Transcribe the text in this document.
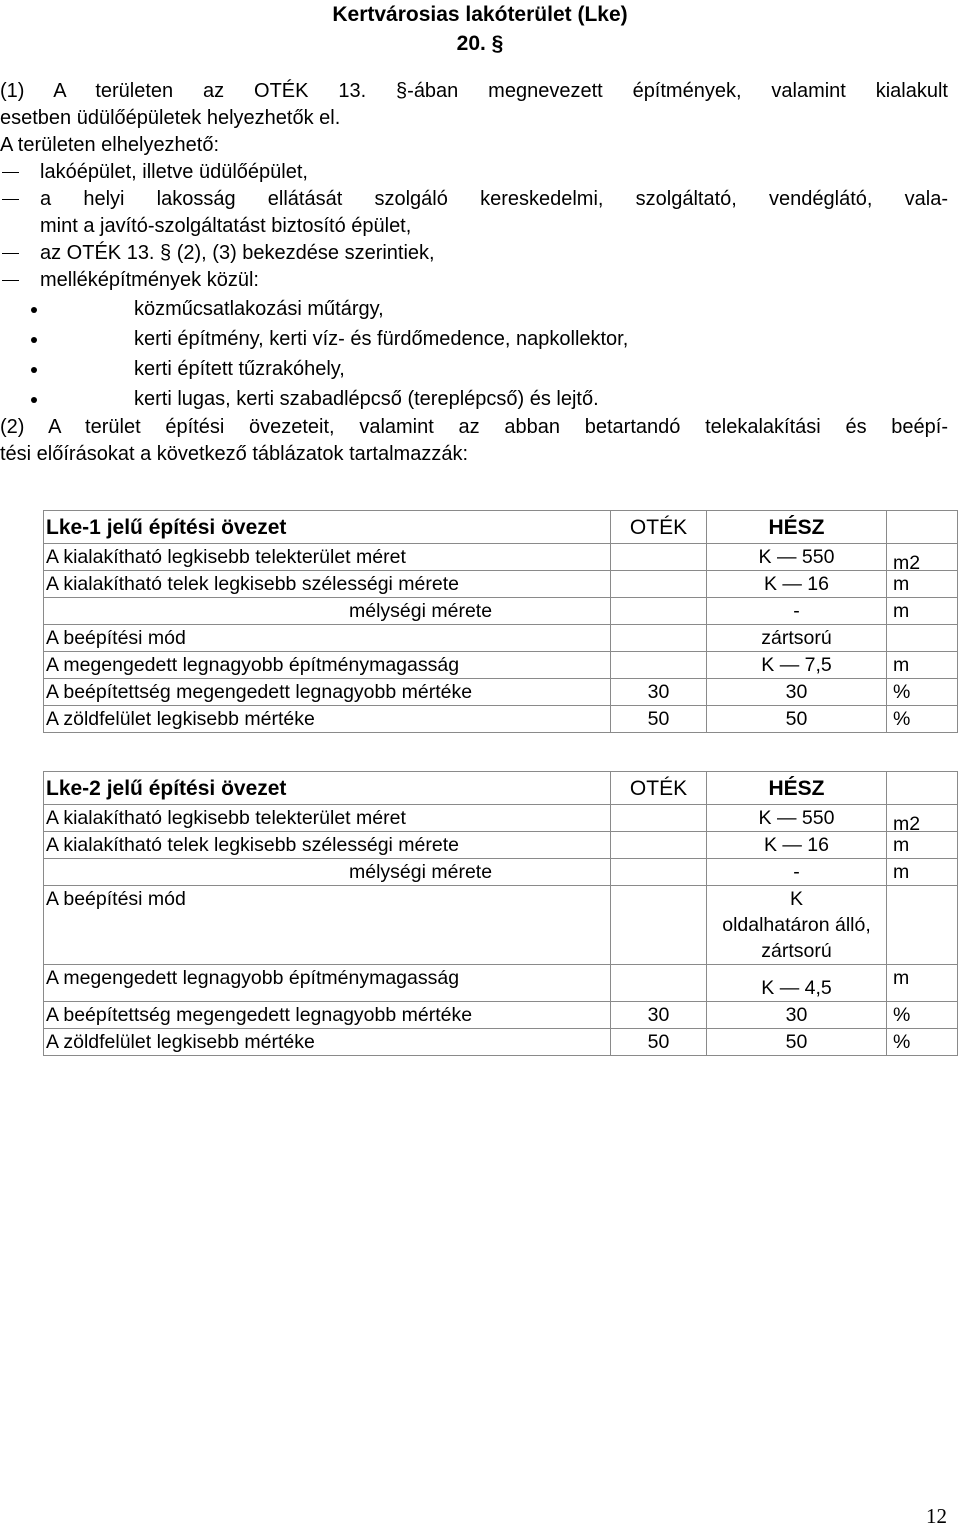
Kertvárosias lakóterület (Lke)
20. §

(1) A területen az OTÉK 13. §-ában megnevezett építmények, valamint kialakult

esetben üdülőépületek helyezhetők el.

A területen elhelyezhető:

lakóépület, illetve üdülőépület,
a helyi lakosság ellátását szolgáló kereskedelmi, szolgáltató, vendéglátó, vala-
mint a javító-szolgáltatást biztosító épület,
az OTÉK 13. § (2), (3) bekezdése szerintiek,
melléképítmények közül:
közműcsatlakozási műtárgy,
kerti építmény, kerti víz- és fürdőmedence, napkollektor,
kerti épített tűzrakóhely,
kerti lugas, kerti szabadlépcső (tereplépcső) és lejtő.

(2) A terület építési övezeteit, valamint az abban betartandó telekalakítási és beépí-

tési előírásokat a következő táblázatok tartalmazzák:

Lke-1 jelű építési övezet	OTÉK	HÉSZ	
A kialakítható legkisebb telekterület méret		K — 550	m2
A kialakítható telek legkisebb szélességi mérete		K — 16	m
mélységi mérete		-	m
A beépítési mód		zártsorú	
A megengedett legnagyobb építménymagasság		K — 7,5	m
A beépítettség megengedett legnagyobb mértéke	30	30	%
A zöldfelület legkisebb mértéke	50	50	%
Lke-2 jelű építési övezet	OTÉK	HÉSZ	
A kialakítható legkisebb telekterület méret		K — 550	m2
A kialakítható telek legkisebb szélességi mérete		K — 16	m
mélységi mérete		-	m
A beépítési mód		K
oldalhatáron álló,
zártsorú	

A megengedett legnagyobb építménymagasság		K — 4,5	m
A beépítettség megengedett legnagyobb mértéke	30	30	%
A zöldfelület legkisebb mértéke	50	50	%
12
